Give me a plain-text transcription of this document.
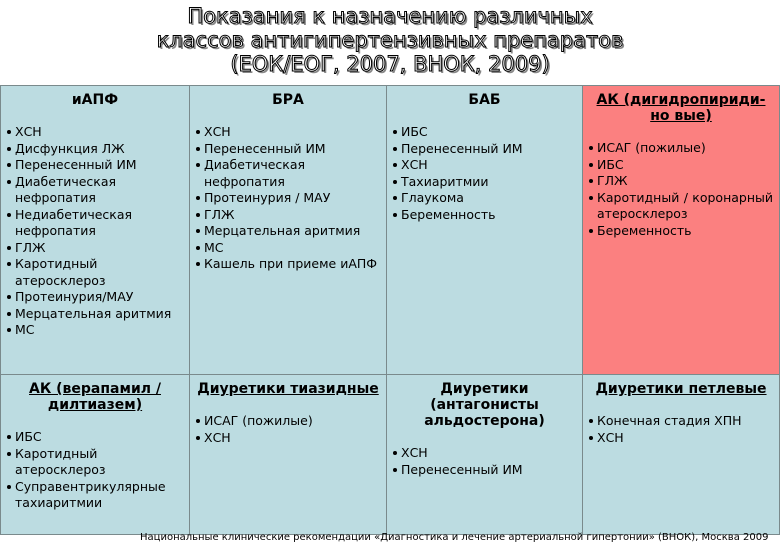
Показания к назначению различных
классов антигипертензивных препаратов
(ЕОК/ЕОГ, 2007, ВНОК, 2009)
иАПФ
ХСН
Дисфункция ЛЖ
Перенесенный ИМ
Диабетическая нефропатия
Недиабетическая нефропатия
ГЛЖ
Каротидный атеросклероз
Протеинурия/МАУ
Мерцательная аритмия
МС
БРА
ХСН
Перенесенный ИМ
Диабетическая нефропатия
Протеинурия / МАУ
ГЛЖ
Мерцательная аритмия
МС
Кашель при приеме иАПФ
БАБ
ИБС
Перенесенный ИМ
ХСН
Тахиаритмии
Глаукома
Беременность
АК (дигидропириди-но вые)
ИСАГ (пожилые)
ИБС
ГЛЖ
Каротидный / коронарный атеросклероз
Беременность
АК (верапамил / дилтиазем)
ИБС
Каротидный атеросклероз
Суправентрикулярные тахиаритмии
Диуретики тиазидные
ИСАГ (пожилые)
ХСН
Диуретики (антагонисты альдостерона)
ХСН
Перенесенный ИМ
Диуретики петлевые
Конечная стадия ХПН
ХСН
Национальные клинические рекомендации «Диагностика и лечение артериальной гипертонии» (ВНОК), Москва 2009
